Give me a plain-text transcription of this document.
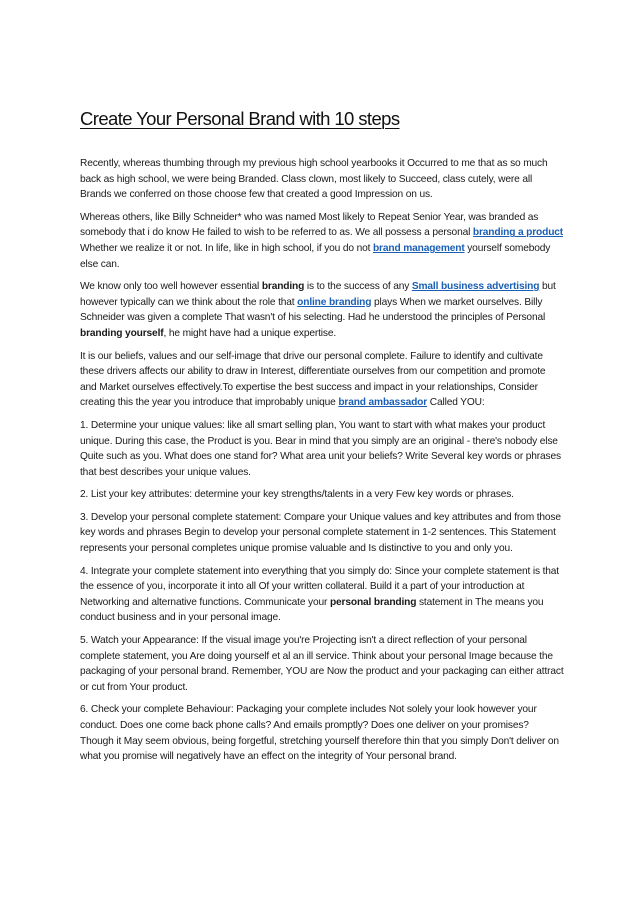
Create Your Personal Brand with 10 steps

Recently, whereas thumbing through my previous high school yearbooks it Occurred to me that as so much back as high school, we were being Branded. Class clown, most likely to Succeed, class cutely, were all Brands we conferred on those choose few that created a good Impression on us.

Whereas others, like Billy Schneider* who was named Most likely to Repeat Senior Year, was branded as somebody that i do know He failed to wish to be referred to as. We all possess a personal branding a product Whether we realize it or not. In life, like in high school, if you do not brand management yourself somebody else can.

We know only too well however essential branding is to the success of any Small business advertising but however typically can we think about the role that online branding plays When we market ourselves. Billy Schneider was given a complete That wasn't of his selecting. Had he understood the principles of Personal branding yourself, he might have had a unique expertise.

It is our beliefs, values and our self-image that drive our personal complete. Failure to identify and cultivate these drivers affects our ability to draw in Interest, differentiate ourselves from our competition and promote and Market ourselves effectively.To expertise the best success and impact in your relationships, Consider creating this the year you introduce that improbably unique brand ambassador Called YOU:

1. Determine your unique values: like all smart selling plan, You want to start with what makes your product unique. During this case, the Product is you. Bear in mind that you simply are an original - there's nobody else Quite such as you. What does one stand for? What area unit your beliefs? Write Several key words or phrases that best describes your unique values.

2. List your key attributes: determine your key strengths/talents in a very Few key words or phrases.

3. Develop your personal complete statement: Compare your Unique values and key attributes and from those key words and phrases Begin to develop your personal complete statement in 1-2 sentences. This Statement represents your personal completes unique promise valuable and Is distinctive to you and only you.

4. Integrate your complete statement into everything that you simply do: Since your complete statement is that the essence of you, incorporate it into all Of your written collateral. Build it a part of your introduction at Networking and alternative functions. Communicate your personal branding statement in The means you conduct business and in your personal image.

5. Watch your Appearance: If the visual image you're Projecting isn't a direct reflection of your personal complete statement, you Are doing yourself et al an ill service. Think about your personal Image because the packaging of your personal brand. Remember, YOU are Now the product and your packaging can either attract or cut from Your product.

6. Check your complete Behaviour: Packaging your complete includes Not solely your look however your conduct. Does one come back phone calls? And emails promptly? Does one deliver on your promises? Though it May seem obvious, being forgetful, stretching yourself therefore thin that you simply Don't deliver on what you promise will negatively have an effect on the integrity of Your personal brand.
